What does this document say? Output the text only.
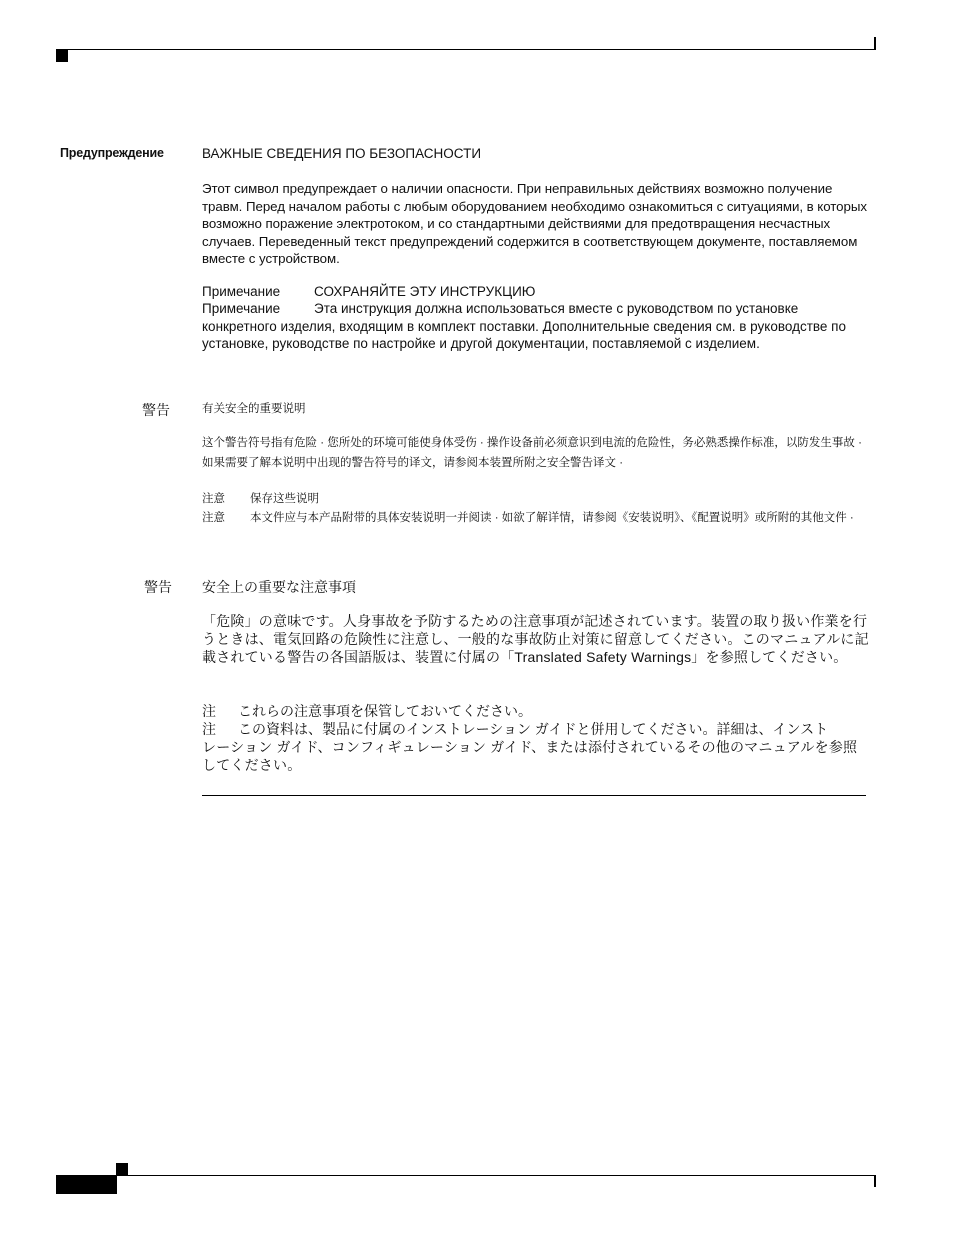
Предупреждение	ВАЖНЫЕ СВЕДЕНИЯ ПО БЕЗОПАСНОСТИ
Этот символ предупреждает о наличии опасности. При неправильных действиях возможно получение травм. Перед началом работы с любым оборудованием необходимо ознакомиться с ситуациями, в которых возможно поражение электротоком, и со стандартными действиями для предотвращения несчастных случаев. Переведенный текст предупреждений содержится в соответствующем документе, поставляемом вместе с устройством.
Примечание	СОХРАНЯЙТЕ ЭТУ ИНСТРУКЦИЮ
Примечание	Эта инструкция должна использоваться вместе с руководством по установке конкретного изделия, входящим в комплект поставки. Дополнительные сведения см. в руководстве по установке, руководстве по настройке и другой документации, поставляемой с изделием.
警告	有关安全的重要说明
这个警告符号指有危险 · 您所处的环境可能使身体受伤 · 操作设备前必须意识到电流的危险性，务必熟悉操作标准，以防发生事故 · 如果需要了解本说明中出现的警告符号的译文，请参阅本装置所附之安全警告译文 ·
注意	保存这些说明
注意	本文件应与本产品附带的具体安装说明一并阅读 · 如欲了解详情，请参阅《安装说明》、《配置说明》或所附的其他文件 ·
警告 安全上の重要な注意事項
「危険」の意味です。人身事故を予防するための注意事項が記述されています。装置の取り扱い作業を行うときは、電気回路の危険性に注意し、一般的な事故防止対策に留意してください。このマニュアルに記載されている警告の各国語版は、装置に付属の「Translated Safety Warnings」を参照してください。
注	これらの注意事項を保管しておいてください。
注	この資料は、製品に付属のインストレーション ガイドと併用してください。詳細は、インスト
レーション ガイド、コンフィギュレーション ガイド、または添付されているその他のマニュアルを参照してください。
